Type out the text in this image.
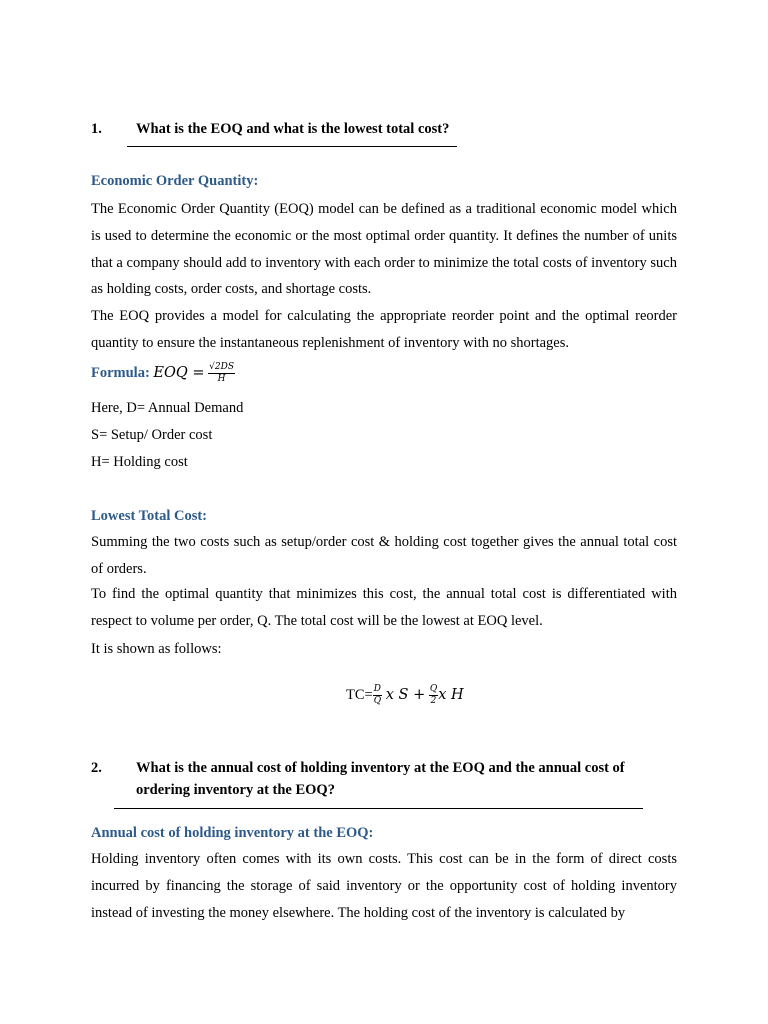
1. What is the EOQ and what is the lowest total cost?
Economic Order Quantity:
The Economic Order Quantity (EOQ) model can be defined as a traditional economic model which is used to determine the economic or the most optimal order quantity. It defines the number of units that a company should add to inventory with each order to minimize the total costs of inventory such as holding costs, order costs, and shortage costs.
The EOQ provides a model for calculating the appropriate reorder point and the optimal reorder quantity to ensure the instantaneous replenishment of inventory with no shortages.
Formula: EOQ = $\frac{√2DS}{H}$
Here, D= Annual Demand
S= Setup/ Order cost
H= Holding cost
Lowest Total Cost:
Summing the two costs such as setup/order cost & holding cost together gives the annual total cost of orders.
To find the optimal quantity that minimizes this cost, the annual total cost is differentiated with respect to volume per order, Q. The total cost will be the lowest at EOQ level.
It is shown as follows:
$TC= \frac{D}{Q}$ x $S + \frac{Q}{2}$ x H
2. What is the annual cost of holding inventory at the EOQ and the annual cost of
ordering inventory at the EOQ?
Annual cost of holding inventory at the EOQ:
Holding inventory often comes with its own costs. This cost can be in the form of direct costs incurred by financing the storage of said inventory or the opportunity cost of holding inventory instead of investing the money elsewhere. The holding cost of the inventory is calculated by
